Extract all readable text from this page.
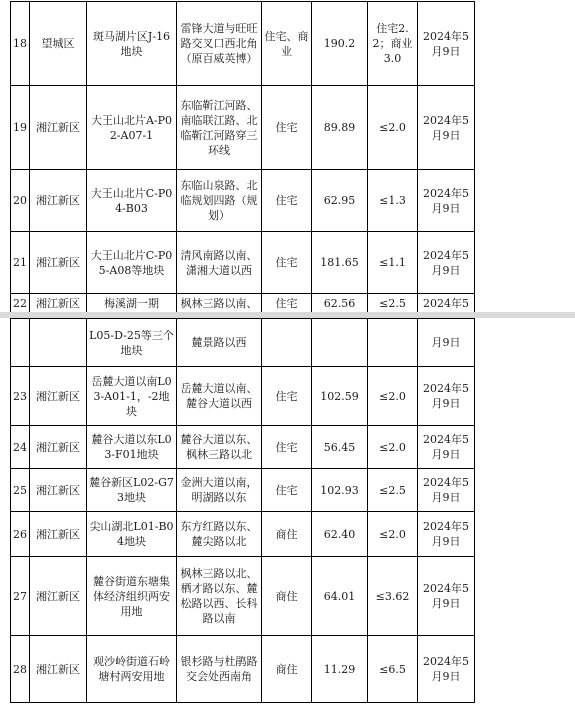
18	望城区	斑马湖片区J-16地块	雷锋大道与旺旺路交叉口西北角（原百威英博）	住宅、商业	190.2	住宅2.2；商业3.0	2024年5月9日
19	湘江新区	大王山北片A-P02-A07-1	东临靳江河路、南临联江路、北临靳江河路穿三环线	住宅	89.89	≤2.0	2024年5月9日
20	湘江新区	大王山北片C-P04-B03	东临山泉路、北临规划四路（规划）	住宅	62.95	≤1.3	2024年5月9日
21	湘江新区	大王山北片C-P05-A08等地块	清风南路以南、潇湘大道以西	住宅	181.65	≤1.1	2024年5月9日
22	湘江新区	梅溪湖一期	枫林三路以南、	住宅	62.56	≤2.5	2024年5
		L05-D-25等三个地块	麓景路以西				月9日
23	湘江新区	岳麓大道以南L03-A01-1，-2地块	岳麓大道以南、麓谷大道以西	住宅	102.59	≤2.0	2024年5月9日
24	湘江新区	麓谷大道以东L03-F01地块	麓谷大道以东、枫林三路以北	住宅	56.45	≤2.0	2024年5月9日
25	湘江新区	麓谷新区L02-G73地块	金洲大道以南，明湖路以东	住宅	102.93	≤2.5	2024年5月9日
26	湘江新区	尖山湖北L01-B04地块	东方红路以东、麓尖路以北	商住	62.40	≤2.0	2024年5月9日
27	湘江新区	麓谷街道东塘集体经济组织两安用地	枫林三路以北、栖才路以东、麓松路以西、长科路以南	商住	64.01	≤3.62	2024年5月9日
28	湘江新区	观沙岭街道石岭塘村两安用地	银杉路与杜鹃路交会处西南角	商住	11.29	≤6.5	2024年5月9日
